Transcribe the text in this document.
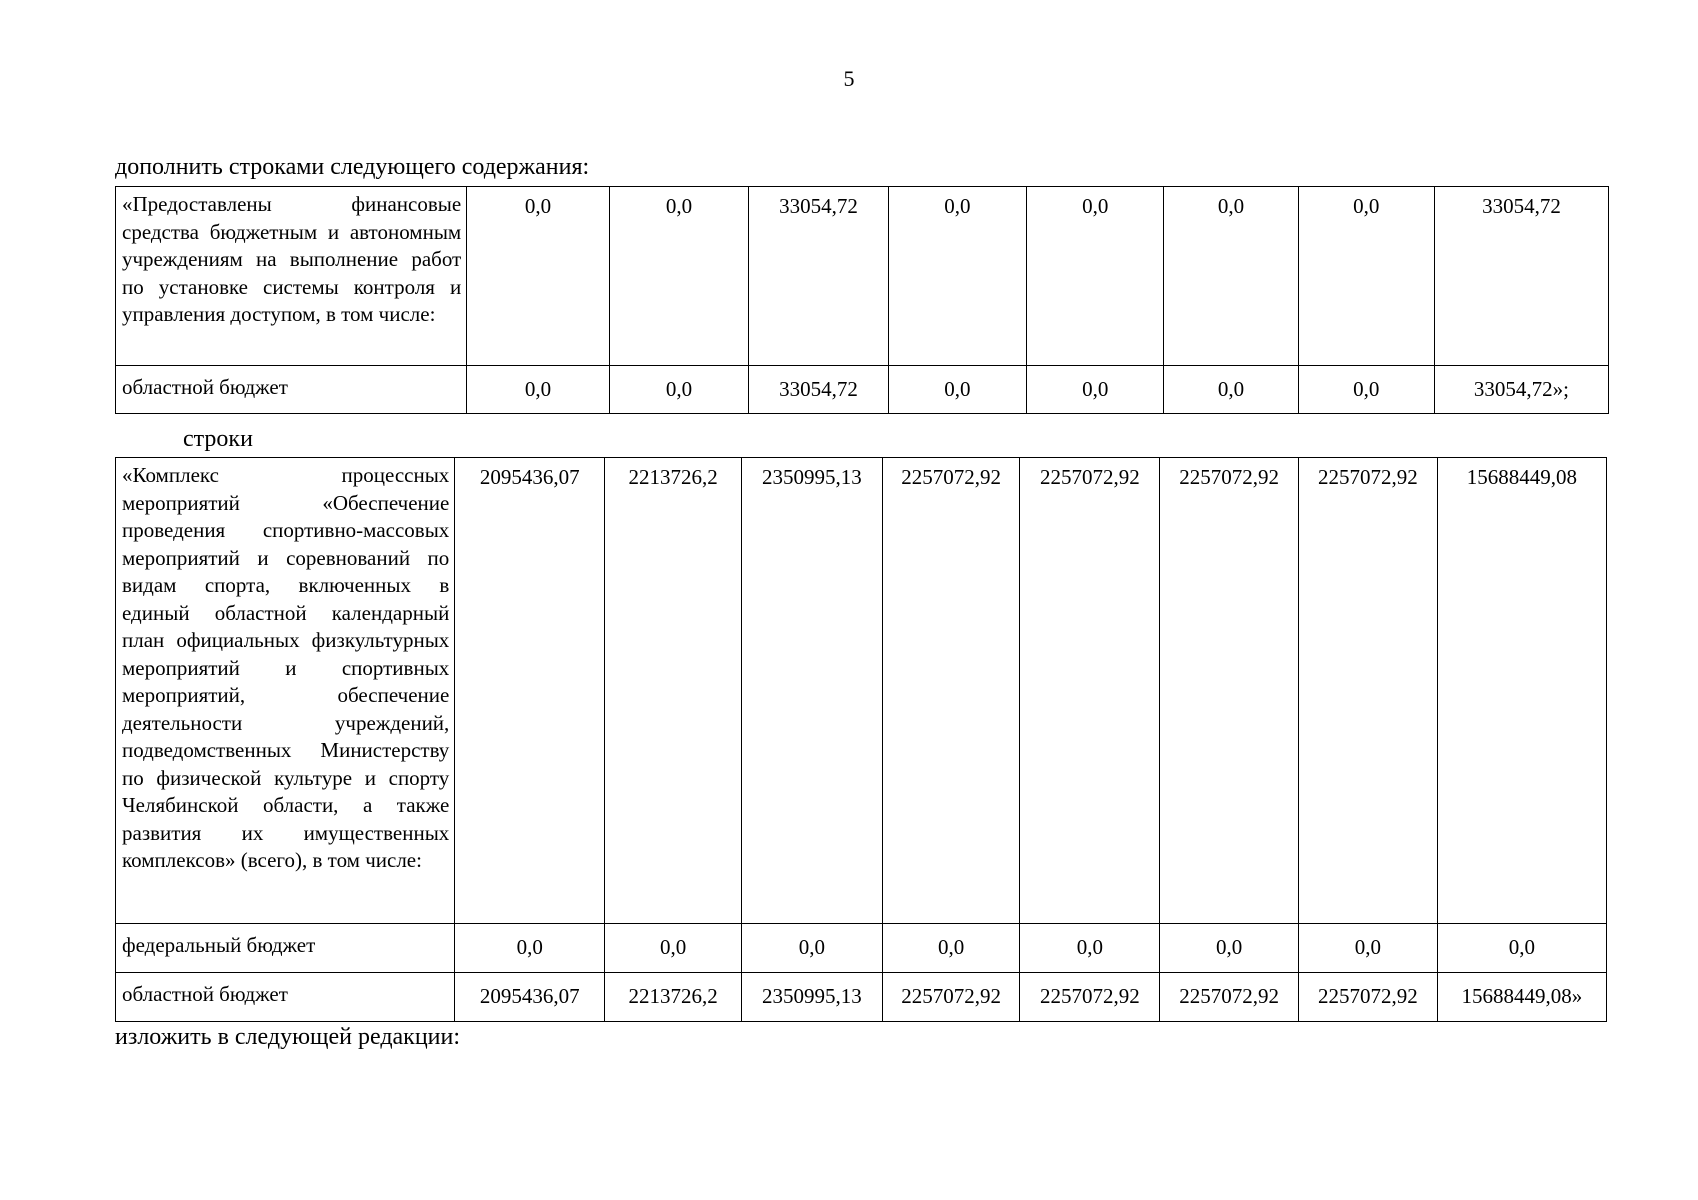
5
дополнить строками следующего содержания:
«Предоставлены финансовые средства бюджетным и автономным учреждениям на выполнение работ по установке системы контроля и управления доступом, в том числе:	0,0	0,0	33054,72	0,0	0,0	0,0	0,0	33054,72
областной бюджет	0,0	0,0	33054,72	0,0	0,0	0,0	0,0	33054,72»;
строки
«Комплекс процессных мероприятий «Обеспечение проведения спортивно-массовых мероприятий и соревнований по видам спорта, включенных в единый областной календарный план официальных физкультурных мероприятий и спортивных мероприятий, обеспечение деятельности учреждений, подведомственных Министерству по физической культуре и спорту Челябинской области, а также развития их имущественных комплексов» (всего), в том числе:	2095436,07	2213726,2	2350995,13	2257072,92	2257072,92	2257072,92	2257072,92	15688449,08
федеральный бюджет	0,0	0,0	0,0	0,0	0,0	0,0	0,0	0,0
областной бюджет	2095436,07	2213726,2	2350995,13	2257072,92	2257072,92	2257072,92	2257072,92	15688449,08»
изложить в следующей редакции:
